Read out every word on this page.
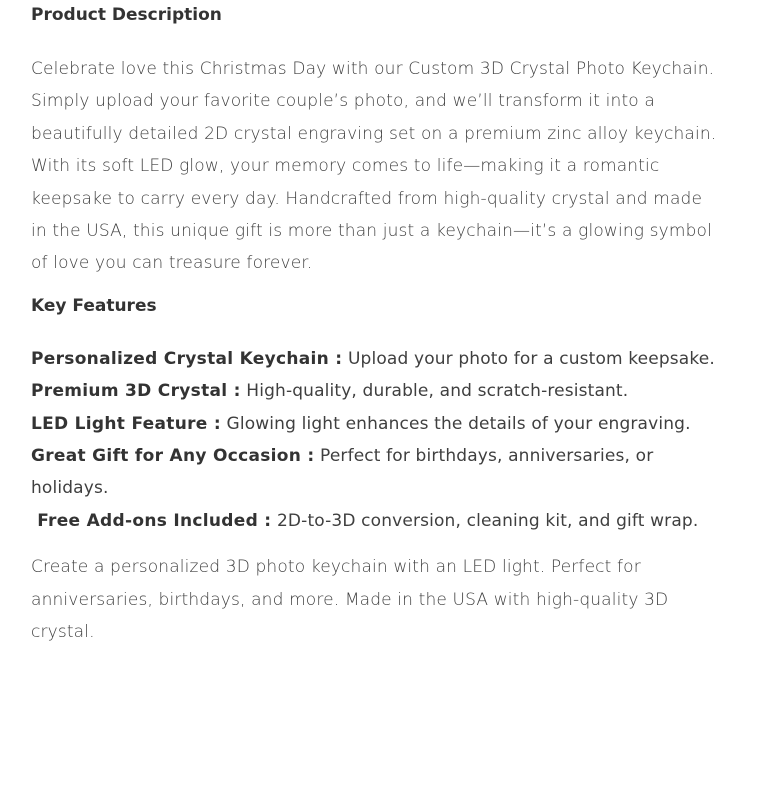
Product Description

Celebrate love this Christmas Day with our Custom 3D Crystal Photo Keychain. Simply upload your favorite couple’s photo, and we’ll transform it into a beautifully detailed 2D crystal engraving set on a premium zinc alloy keychain. With its soft LED glow, your memory comes to life—making it a romantic keepsake to carry every day. Handcrafted from high-quality crystal and made in the USA, this unique gift is more than just a keychain—it’s a glowing symbol of love you can treasure forever.

Key Features
Personalized Crystal Keychain : Upload your photo for a custom keepsake.
Premium 3D Crystal : High-quality, durable, and scratch-resistant.
LED Light Feature : Glowing light enhances the details of your engraving.
Great Gift for Any Occasion : Perfect for birthdays, anniversaries, or holidays.
Free Add-ons Included : 2D-to-3D conversion, cleaning kit, and gift wrap.

Create a personalized 3D photo keychain with an LED light. Perfect for anniversaries, birthdays, and more. Made in the USA with high-quality 3D crystal.
